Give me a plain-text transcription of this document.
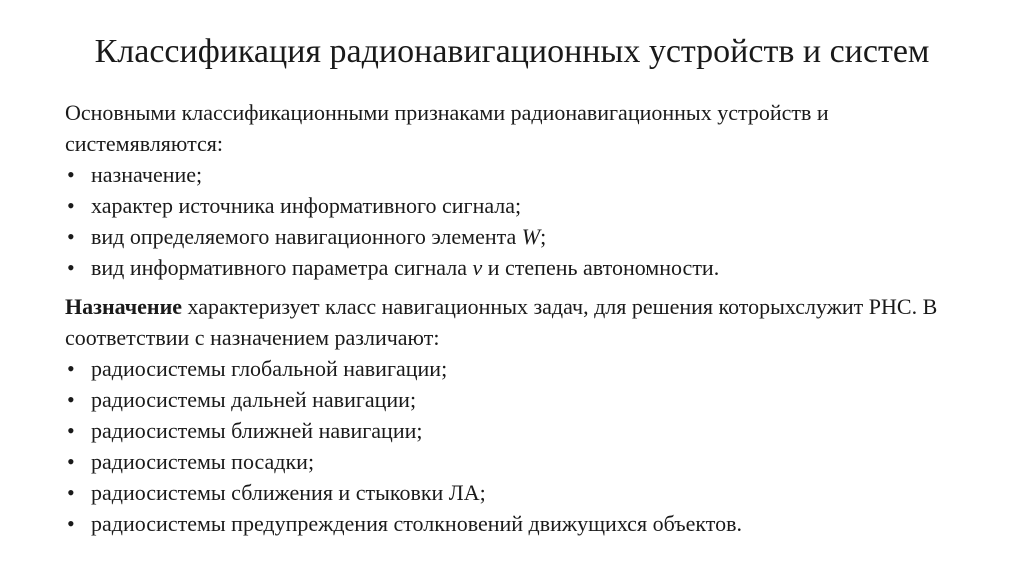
Классификация радионавигационных устройств и систем

Основными классификационными признаками радионавигационных устройств и системявляются:

• назначение;
• характер источника информативного сигнала;
• вид определяемого навигационного элемента W;
• вид информативного параметра сигнала ν и степень автономности.

Назначение характеризует класс навигационных задач, для решения которыхслужит РНС. В соответствии с назначением различают:

• радиосистемы глобальной навигации;
• радиосистемы дальней навигации;
• радиосистемы ближней навигации;
• радиосистемы посадки;
• радиосистемы сближения и стыковки ЛА;
• радиосистемы предупреждения столкновений движущихся объектов.
